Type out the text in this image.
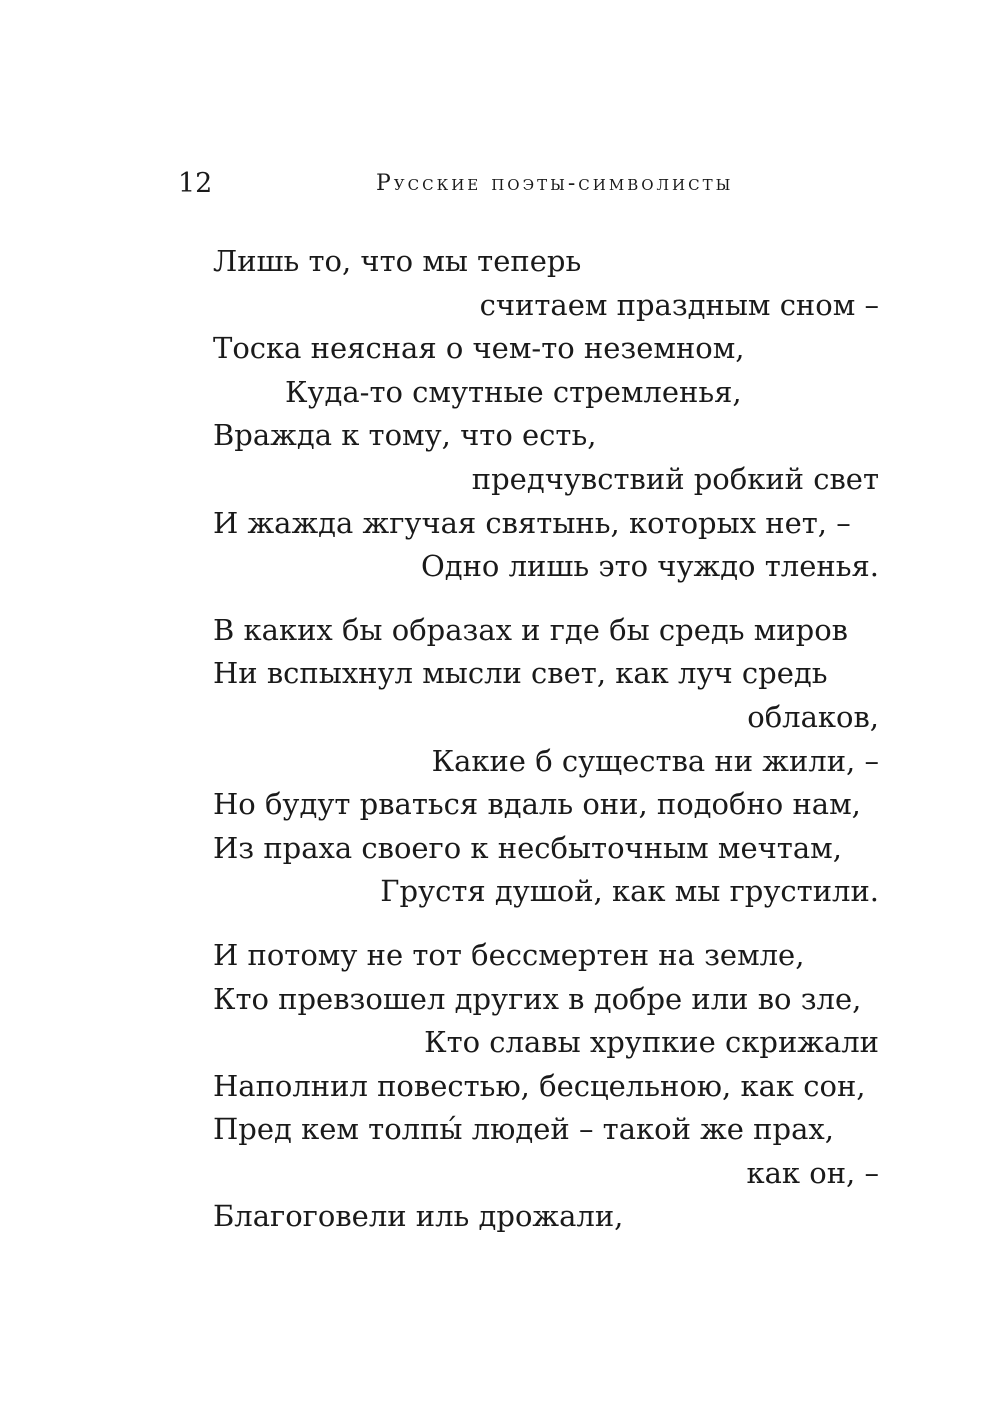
12	Русские поэты-символисты
Лишь то, что мы теперь
считаем праздным сном –
Тоска неясная о чем-то неземном,
Куда-то смутные стремленья,
Вражда к тому, что есть,
предчувствий робкий свет
И жажда жгучая святынь, которых нет, –
Одно лишь это чуждо тленья.
В каких бы образах и где бы средь миров
Ни вспыхнул мысли свет, как луч средь
облаков,
Какие б существа ни жили, –
Но будут рваться вдаль они, подобно нам,
Из праха своего к несбыточным мечтам,
Грустя душой, как мы грустили.
И потому не тот бессмертен на земле,
Кто превзошел других в добре или во зле,
Кто славы хрупкие скрижали
Наполнил повестью, бесцельною, как сон,
Пред кем толпы́ людей – такой же прах,
как он, –
Благоговели иль дрожали,
